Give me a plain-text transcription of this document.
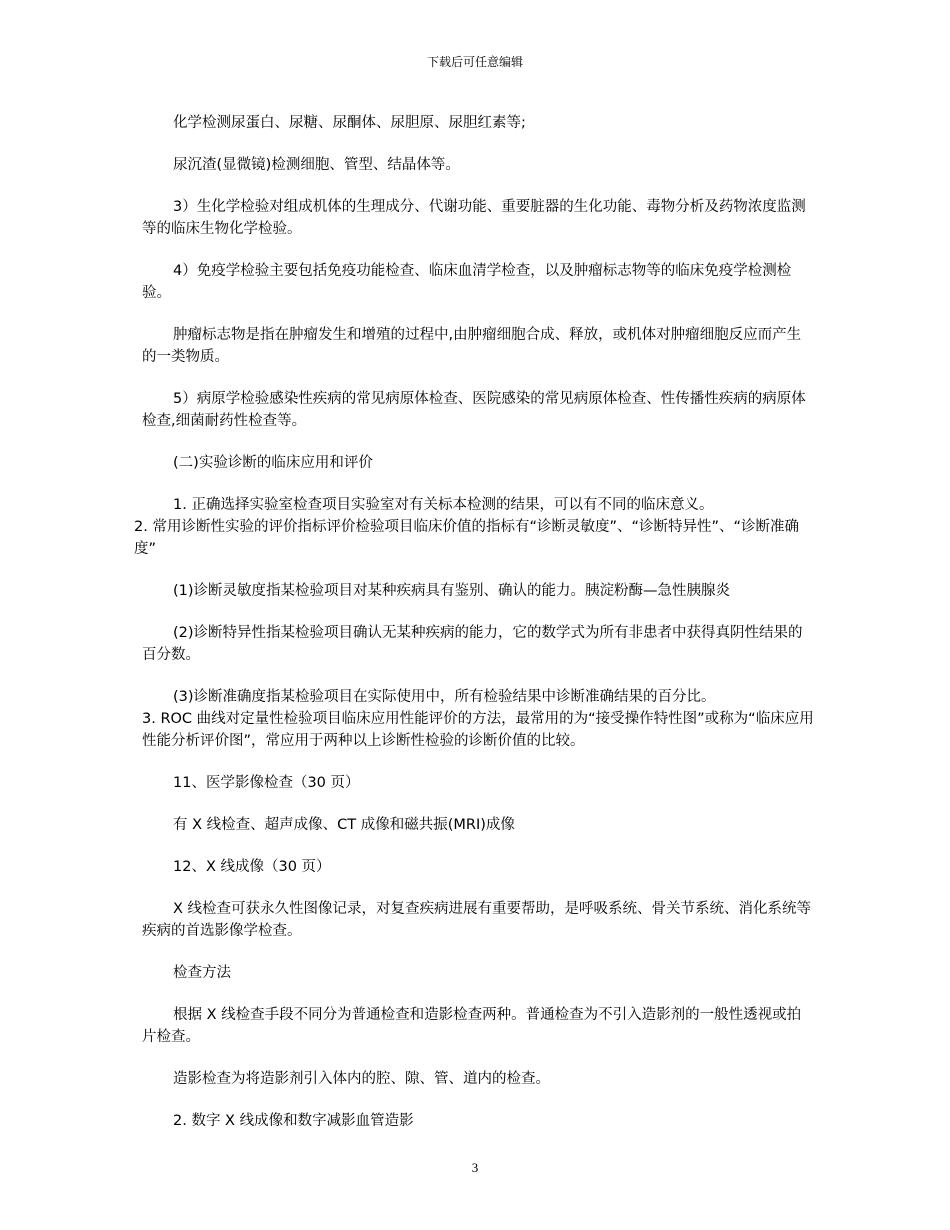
下载后可任意编辑

化学检测尿蛋白、尿糖、尿酮体、尿胆原、尿胆红素等;

尿沉渣(显微镜)检测细胞、管型、结晶体等。

3）生化学检验对组成机体的生理成分、代谢功能、重要脏器的生化功能、毒物分析及药物浓度监测等的临床生物化学检验。

4）免疫学检验主要包括免疫功能检查、临床血清学检查，以及肿瘤标志物等的临床免疫学检测检验。

肿瘤标志物是指在肿瘤发生和增殖的过程中,由肿瘤细胞合成、释放，或机体对肿瘤细胞反应而产生的一类物质。

5）病原学检验感染性疾病的常见病原体检查、医院感染的常见病原体检查、性传播性疾病的病原体检查,细菌耐药性检查等。

(二)实验诊断的临床应用和评价

1. 正确选择实验室检查项目实验室对有关标本检测的结果，可以有不同的临床意义。

2. 常用诊断性实验的评价指标评价检验项目临床价值的指标有“诊断灵敏度”、“诊断特异性”、“诊断准确度”

(1)诊断灵敏度指某检验项目对某种疾病具有鉴别、确认的能力。胰淀粉酶—急性胰腺炎

(2)诊断特异性指某检验项目确认无某种疾病的能力，它的数学式为所有非患者中获得真阴性结果的百分数。

(3)诊断准确度指某检验项目在实际使用中，所有检验结果中诊断准确结果的百分比。

3. ROC 曲线对定量性检验项目临床应用性能评价的方法，最常用的为“接受操作特性图”或称为“临床应用性能分析评价图”，常应用于两种以上诊断性检验的诊断价值的比较。

11、医学影像检查（30 页）

有 X 线检查、超声成像、CT 成像和磁共振(MRI)成像

12、X 线成像（30 页）

X 线检查可获永久性图像记录，对复查疾病进展有重要帮助，是呼吸系统、骨关节系统、消化系统等疾病的首选影像学检查。

检查方法

根据 X 线检查手段不同分为普通检查和造影检查两种。普通检查为不引入造影剂的一般性透视或拍片检查。

造影检查为将造影剂引入体内的腔、隙、管、道内的检查。

2. 数字 X 线成像和数字减影血管造影

3
